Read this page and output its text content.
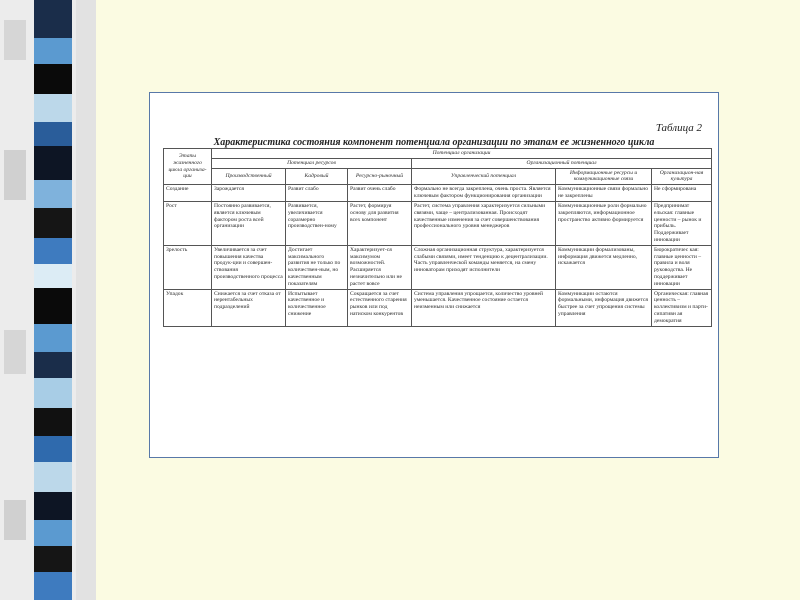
Таблица 2
Характеристика состояния компонент потенциала организации по этапам ее жизненного цикла
Этапы жизненного цикла организа-ции	Потенциал организации					
	Потенциал ресурсов			Организационный потенциал		
	Производственный	Кадровый	Ресурсно-рыночный	Управленческий потенциал	Информационные ресурсы и коммуникационные связи	Организацион-ная культура
Создание	Зарождается	Развит слабо	Развит очень слабо	Формально не всегда закреплена, очень проста. Является ключевым фактором функционирования организации	Коммуникационные связи формально не закреплены	Не сформирована
Рост	Постоянно развивается, является ключевым фактором роста всей организации	Развивается, увеличивается соразмерно производствен-ному	Растет, формируя основу для развития всех компонент	Растет, система управления характеризуется сильными связями, чаще – централизованная. Происходят качественные изменения за счет совершенствования профессионального уровня менеджеров	Коммуникационные роли формально закрепляются, информационное пространство активно формируется	Предпринимат ельская: главные ценности – рынок и прибыль. Поддерживает инновации
Зрелость	Увеличивается за счет повышения качества продук-ции и совершен-ствования производственного процесса	Достигает максимального развития не только по количествен-ным, но качественным показателям	Характеризует-ся максимумом возможностей. Расширяется незначительно или не растет вовсе	Сложная организационная структура, характеризуется слабыми связями, имеет тенденцию к децентрализации. Часть управленческой команды меняется, на смену инноваторам приходят исполнители	Коммуникации формализованы, информация движется медленно, искажается	Бюрократичес кая: главные ценности – правила и воля руководства. Не поддерживает инновации
Упадок	Снижается за счет отказа от нерентабельных подразделений	Испытывает качественное и количественное снижение	Сокращается за счет естественного старения рынков или под натиском конкурентов	Система управления упрощается, количество уровней уменьшается. Качественное состояние остается неизменным или снижается	Коммуникации остаются формальными, информация движется быстрее за счет упрощения системы управления	Органическая: главная ценность – коллективизм и парти-сипативн ая демократия
